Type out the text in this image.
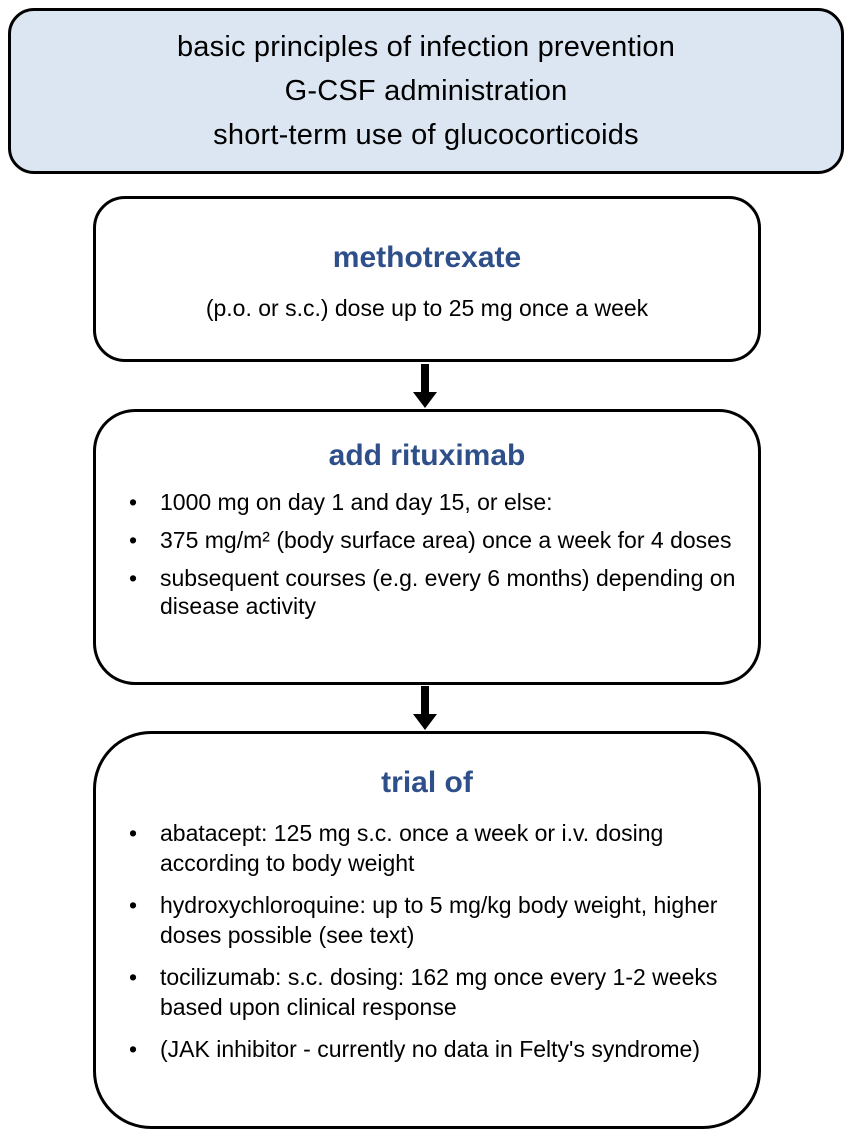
basic principles of infection prevention
G-CSF administration
short-term use of glucocorticoids
methotrexate
(p.o. or s.c.) dose up to 25 mg once a week
add rituximab
• 1000 mg on day 1 and day 15, or else:
• 375 mg/m² (body surface area) once a week for 4 doses
• subsequent courses (e.g. every 6 months) depending on disease activity
trial of
• abatacept: 125 mg s.c. once a week or i.v. dosing according to body weight
• hydroxychloroquine: up to 5 mg/kg body weight, higher doses possible (see text)
• tocilizumab: s.c. dosing: 162 mg once every 1-2 weeks based upon clinical response
• (JAK inhibitor - currently no data in Felty's syndrome)
